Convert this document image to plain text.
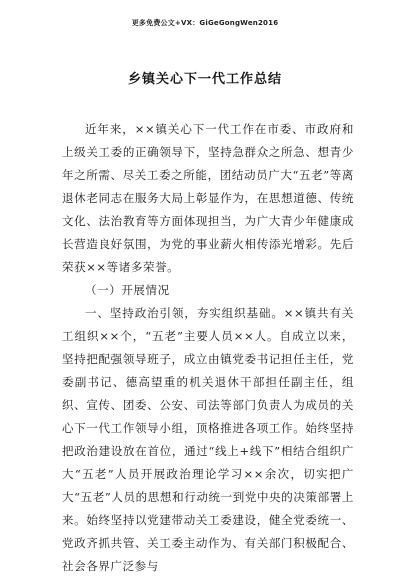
更多免费公文+VX：GiGeGongWen2016
乡镇关心下一代工作总结

近年来，××镇关心下一代工作在市委、市政府和上级关工委的正确领导下，坚持急群众之所急、想青少年之所需、尽关工委之所能，团结动员广大“五老”等离退休老同志在服务大局上彰显作为，在思想道德、传统文化、法治教育等方面体现担当，为广大青少年健康成长营造良好氛围，为党的事业薪火相传添光增彩。先后荣获××等诸多荣誉。

（一）开展情况

一、坚持政治引领，夯实组织基础。××镇共有关工组织××个，“五老”主要人员××人。自成立以来，坚持把配强领导班子，成立由镇党委书记担任主任，党委副书记、德高望重的机关退休干部担任副主任，组织、宣传、团委、公安、司法等部门负责人为成员的关心下一代工作领导小组，顶格推进各项工作。始终坚持把政治建设放在首位，通过“线上+线下”相结合组织广大“五老”人员开展政治理论学习××余次，切实把广大“五老”人员的思想和行动统一到党中央的决策部署上来。始终坚持以党建带动关工委建设，健全党委统一、党政齐抓共管、关工委主动作为、有关部门积极配合、社会各界广泛参与
